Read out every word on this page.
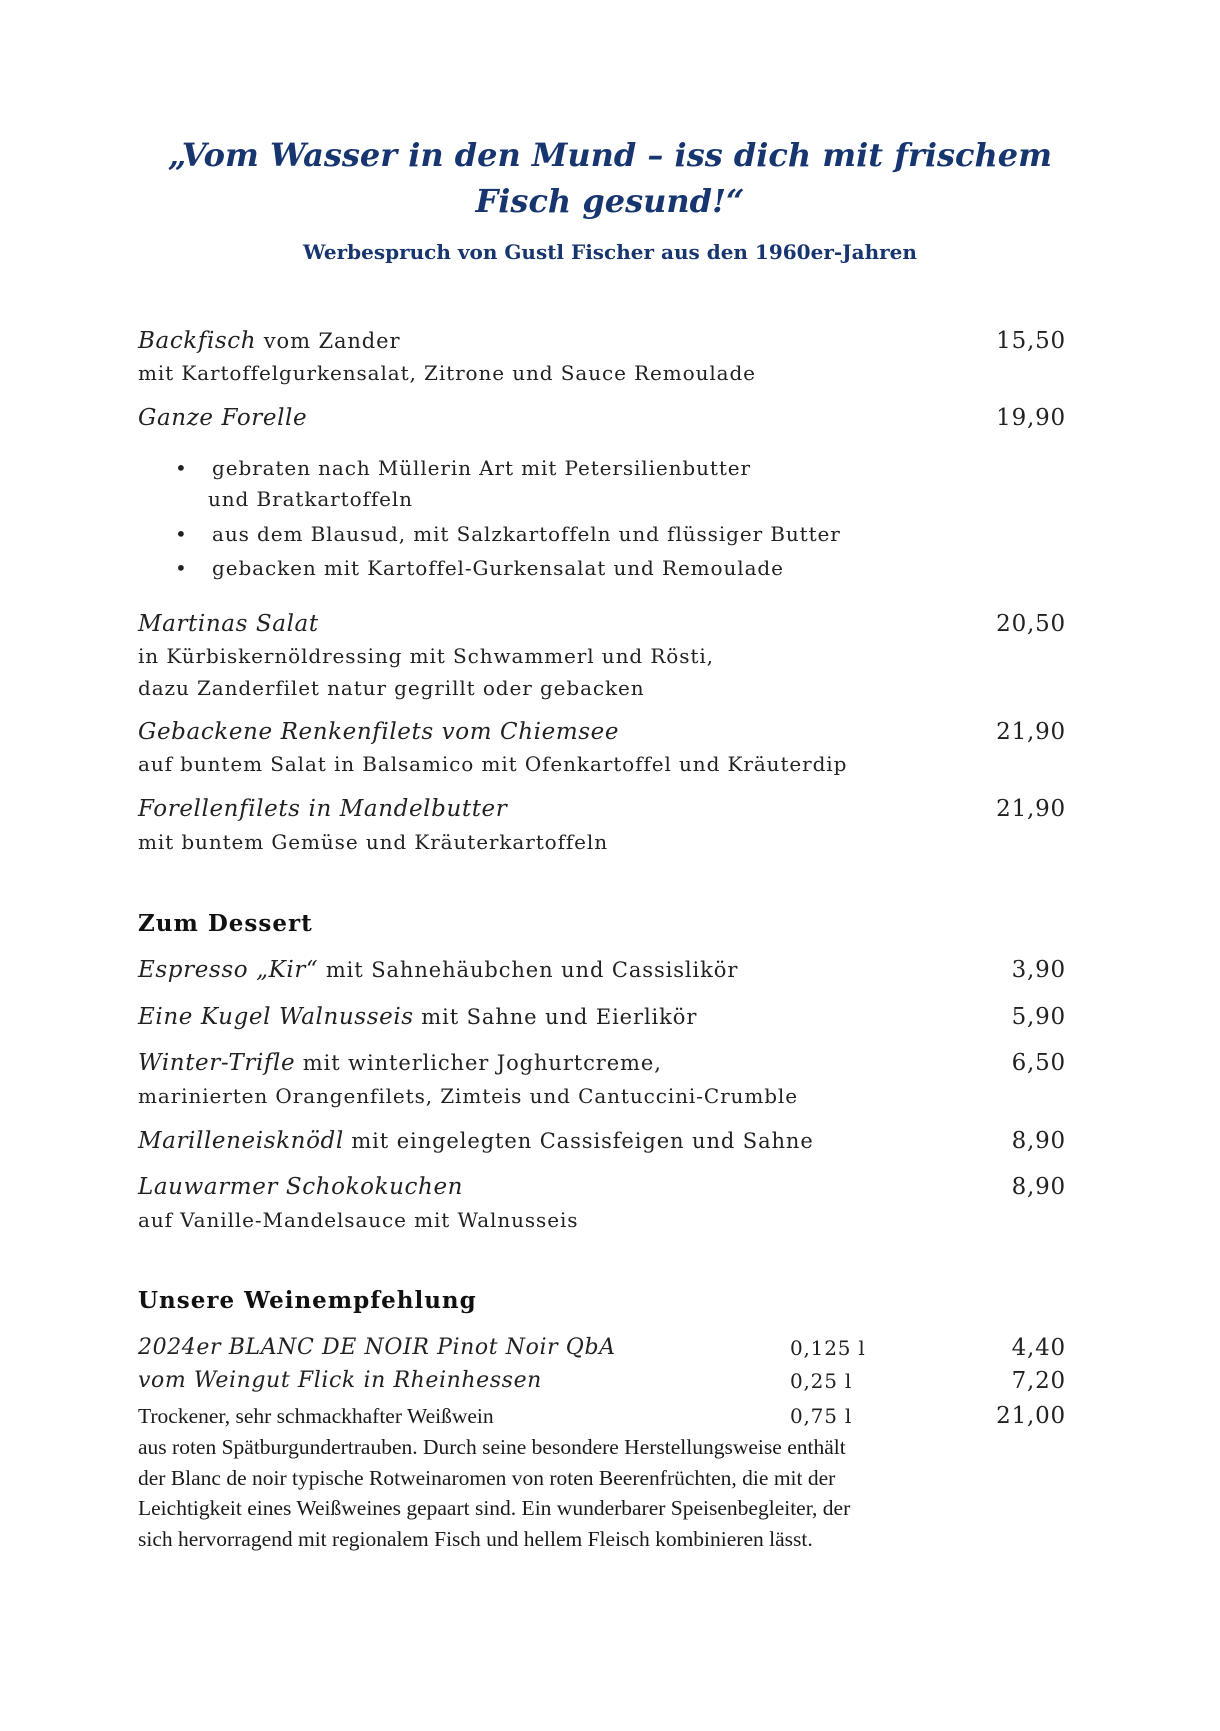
„Vom Wasser in den Mund – iss dich mit frischem
Fisch gesund!“
Werbespruch von Gustl Fischer aus den 1960er-Jahren
Backfisch vom Zander	15,50
mit Kartoffelgurkensalat, Zitrone und Sauce Remoulade
Ganze Forelle	19,90
• gebraten nach Müllerin Art mit Petersilienbutter
und Bratkartoffeln
• aus dem Blausud, mit Salzkartoffeln und flüssiger Butter
• gebacken mit Kartoffel-Gurkensalat und Remoulade
Martinas Salat	20,50
in Kürbiskernöldressing mit Schwammerl und Rösti,
dazu Zanderfilet natur gegrillt oder gebacken
Gebackene Renkenfilets vom Chiemsee	21,90
auf buntem Salat in Balsamico mit Ofenkartoffel und Kräuterdip
Forellenfilets in Mandelbutter	21,90
mit buntem Gemüse und Kräuterkartoffeln
Zum Dessert
Espresso „Kir“ mit Sahnehäubchen und Cassislikör	3,90
Eine Kugel Walnusseis mit Sahne und Eierlikör	5,90
Winter-Trifle mit winterlicher Joghurtcreme,	6,50
marinierten Orangenfilets, Zimteis und Cantuccini-Crumble
Marilleneisknödl mit eingelegten Cassisfeigen und Sahne	8,90
Lauwarmer Schokokuchen	8,90
auf Vanille-Mandelsauce mit Walnusseis
Unsere Weinempfehlung
2024er BLANC DE NOIR Pinot Noir QbA	0,125 l	4,40
vom Weingut Flick in Rheinhessen	0,25 l	7,20
Trockener, sehr schmackhafter Weißwein	0,75 l	21,00
aus roten Spätburgundertrauben. Durch seine besondere Herstellungsweise enthält
der Blanc de noir typische Rotweinaromen von roten Beerenfrüchten, die mit der
Leichtigkeit eines Weißweines gepaart sind. Ein wunderbarer Speisenbegleiter, der
sich hervorragend mit regionalem Fisch und hellem Fleisch kombinieren lässt.
